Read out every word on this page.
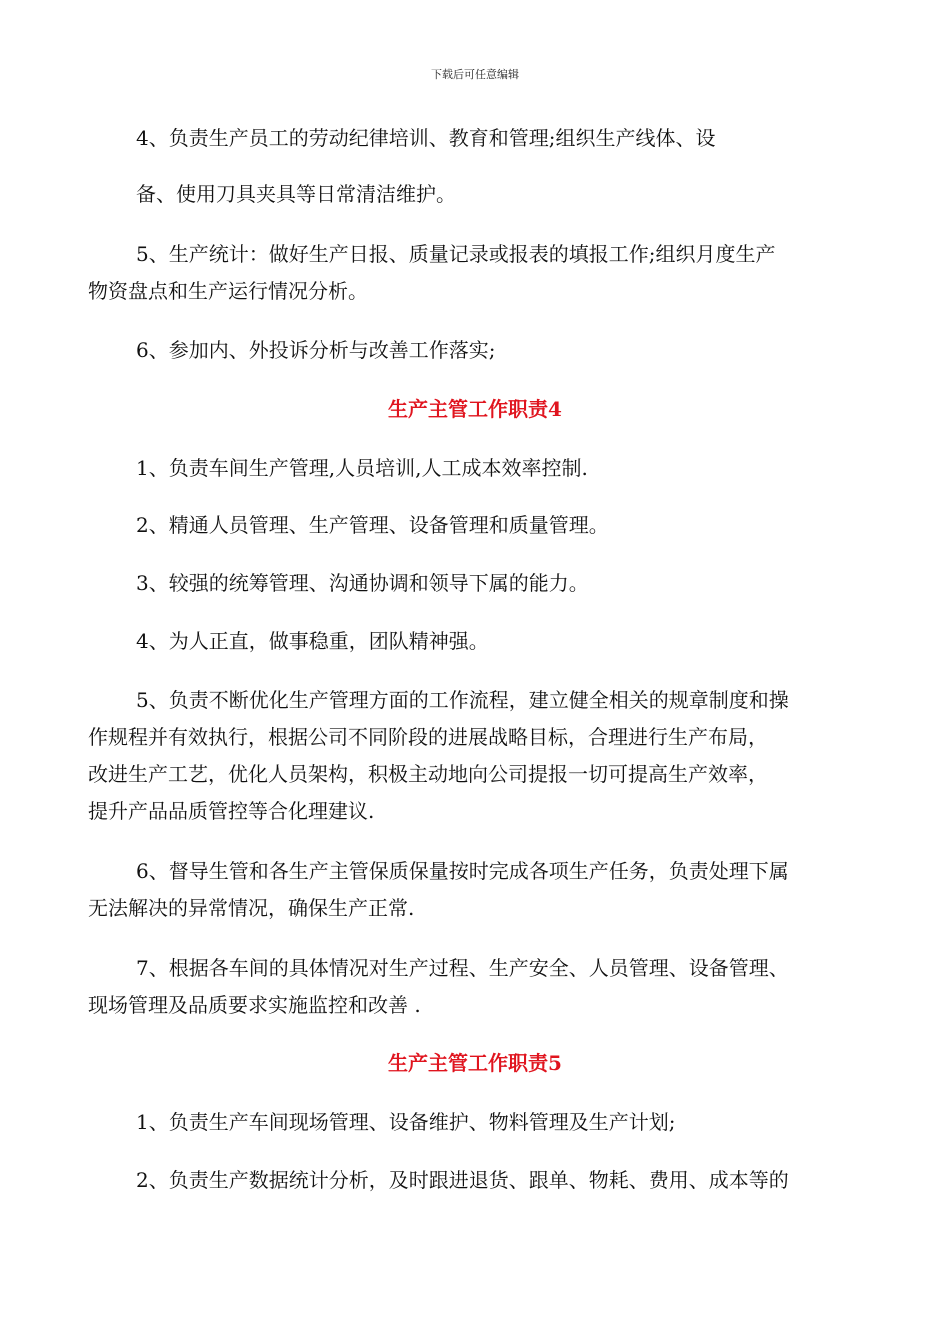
下载后可任意编辑
4、负责生产员工的劳动纪律培训、教育和管理;组织生产线体、设
备、使用刀具夹具等日常清洁维护。
5、生产统计：做好生产日报、质量记录或报表的填报工作;组织月度生产
物资盘点和生产运行情况分析。
6、参加内、外投诉分析与改善工作落实;
生产主管工作职责4
1、负责车间生产管理,人员培训,人工成本效率控制.
2、精通人员管理、生产管理、设备管理和质量管理。
3、较强的统筹管理、沟通协调和领导下属的能力。
4、为人正直，做事稳重，团队精神强。
5、负责不断优化生产管理方面的工作流程，建立健全相关的规章制度和操
作规程并有效执行，根据公司不同阶段的进展战略目标，合理进行生产布局，
改进生产工艺，优化人员架构，积极主动地向公司提报一切可提高生产效率，
提升产品品质管控等合化理建议.
6、督导生管和各生产主管保质保量按时完成各项生产任务，负责处理下属
无法解决的异常情况，确保生产正常.
7、根据各车间的具体情况对生产过程、生产安全、人员管理、设备管理、
现场管理及品质要求实施监控和改善 .
生产主管工作职责5
1、负责生产车间现场管理、设备维护、物料管理及生产计划;
2、负责生产数据统计分析，及时跟进退货、跟单、物耗、费用、成本等的
